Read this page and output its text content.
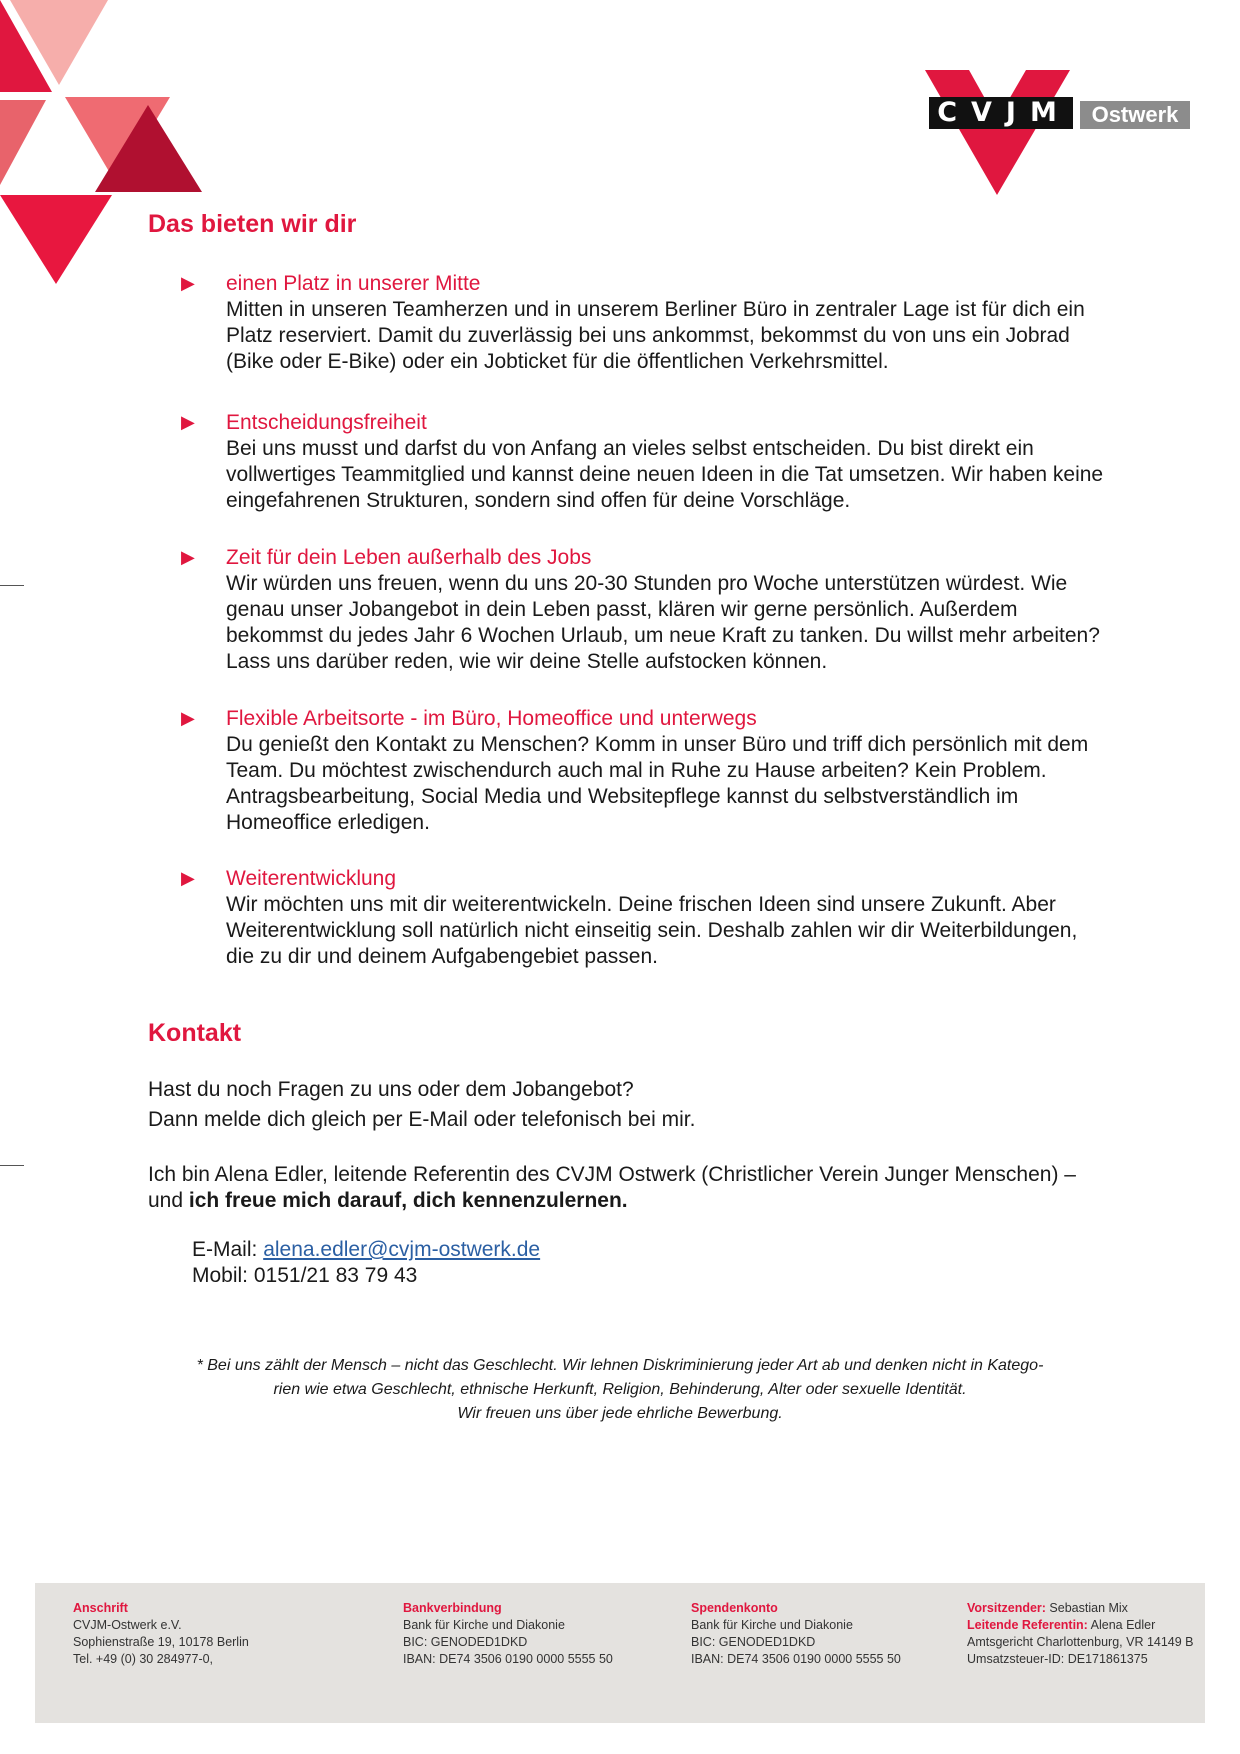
CVJM Ostwerk
Das bieten wir dir
▶ einen Platz in unserer Mitte
Mitten in unseren Teamherzen und in unserem Berliner Büro in zentraler Lage ist für dich ein Platz reserviert. Damit du zuverlässig bei uns ankommst, bekommst du von uns ein Jobrad (Bike oder E-Bike) oder ein Jobticket für die öffentlichen Verkehrsmittel.
▶ Entscheidungsfreiheit
Bei uns musst und darfst du von Anfang an vieles selbst entscheiden. Du bist direkt ein vollwertiges Teammitglied und kannst deine neuen Ideen in die Tat umsetzen. Wir haben keine eingefahrenen Strukturen, sondern sind offen für deine Vorschläge.
▶ Zeit für dein Leben außerhalb des Jobs
Wir würden uns freuen, wenn du uns 20-30 Stunden pro Woche unterstützen würdest. Wie genau unser Jobangebot in dein Leben passt, klären wir gerne persönlich. Außerdem bekommst du jedes Jahr 6 Wochen Urlaub, um neue Kraft zu tanken. Du willst mehr arbeiten? Lass uns darüber reden, wie wir deine Stelle aufstocken können.
▶ Flexible Arbeitsorte - im Büro, Homeoffice und unterwegs
Du genießt den Kontakt zu Menschen? Komm in unser Büro und triff dich persönlich mit dem Team. Du möchtest zwischendurch auch mal in Ruhe zu Hause arbeiten? Kein Problem. Antragsbearbeitung, Social Media und Websitepflege kannst du selbstverständlich im Homeoffice erledigen.
▶ Weiterentwicklung
Wir möchten uns mit dir weiterentwickeln. Deine frischen Ideen sind unsere Zukunft. Aber Weiterentwicklung soll natürlich nicht einseitig sein. Deshalb zahlen wir dir Weiterbildungen, die zu dir und deinem Aufgabengebiet passen.
Kontakt
Hast du noch Fragen zu uns oder dem Jobangebot?
Dann melde dich gleich per E-Mail oder telefonisch bei mir.
Ich bin Alena Edler, leitende Referentin des CVJM Ostwerk (Christlicher Verein Junger Menschen) –
und ich freue mich darauf, dich kennenzulernen.
E-Mail: alena.edler@cvjm-ostwerk.de
Mobil: 0151/21 83 79 43
* Bei uns zählt der Mensch – nicht das Geschlecht. Wir lehnen Diskriminierung jeder Art ab und denken nicht in Katego-
rien wie etwa Geschlecht, ethnische Herkunft, Religion, Behinderung, Alter oder sexuelle Identität.
Wir freuen uns über jede ehrliche Bewerbung.
Anschrift
CVJM-Ostwerk e.V.
Sophienstraße 19, 10178 Berlin
Tel. +49 (0) 30 284977-0,
Bankverbindung
Bank für Kirche und Diakonie
BIC: GENODED1DKD
IBAN: DE74 3506 0190 0000 5555 50
Spendenkonto
Bank für Kirche und Diakonie
BIC: GENODED1DKD
IBAN: DE74 3506 0190 0000 5555 50
Vorsitzender: Sebastian Mix
Leitende Referentin: Alena Edler
Amtsgericht Charlottenburg, VR 14149 B
Umsatzsteuer-ID: DE171861375
